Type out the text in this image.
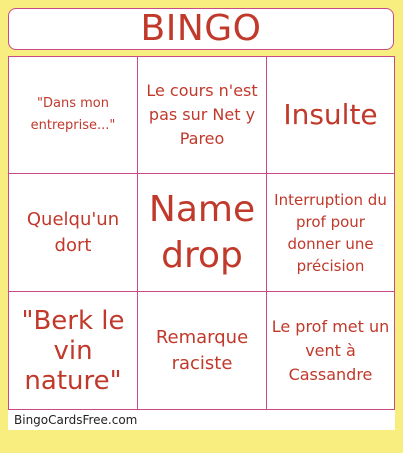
BINGO
"Dans mon entreprise..."
Le cours n'est pas sur Net y Pareo
Insulte
Quelqu'un dort
Name drop
Interruption du prof pour donner une précision
"Berk le vin nature"
Remarque raciste
Le prof met un vent à Cassandre
BingoCardsFree.com
